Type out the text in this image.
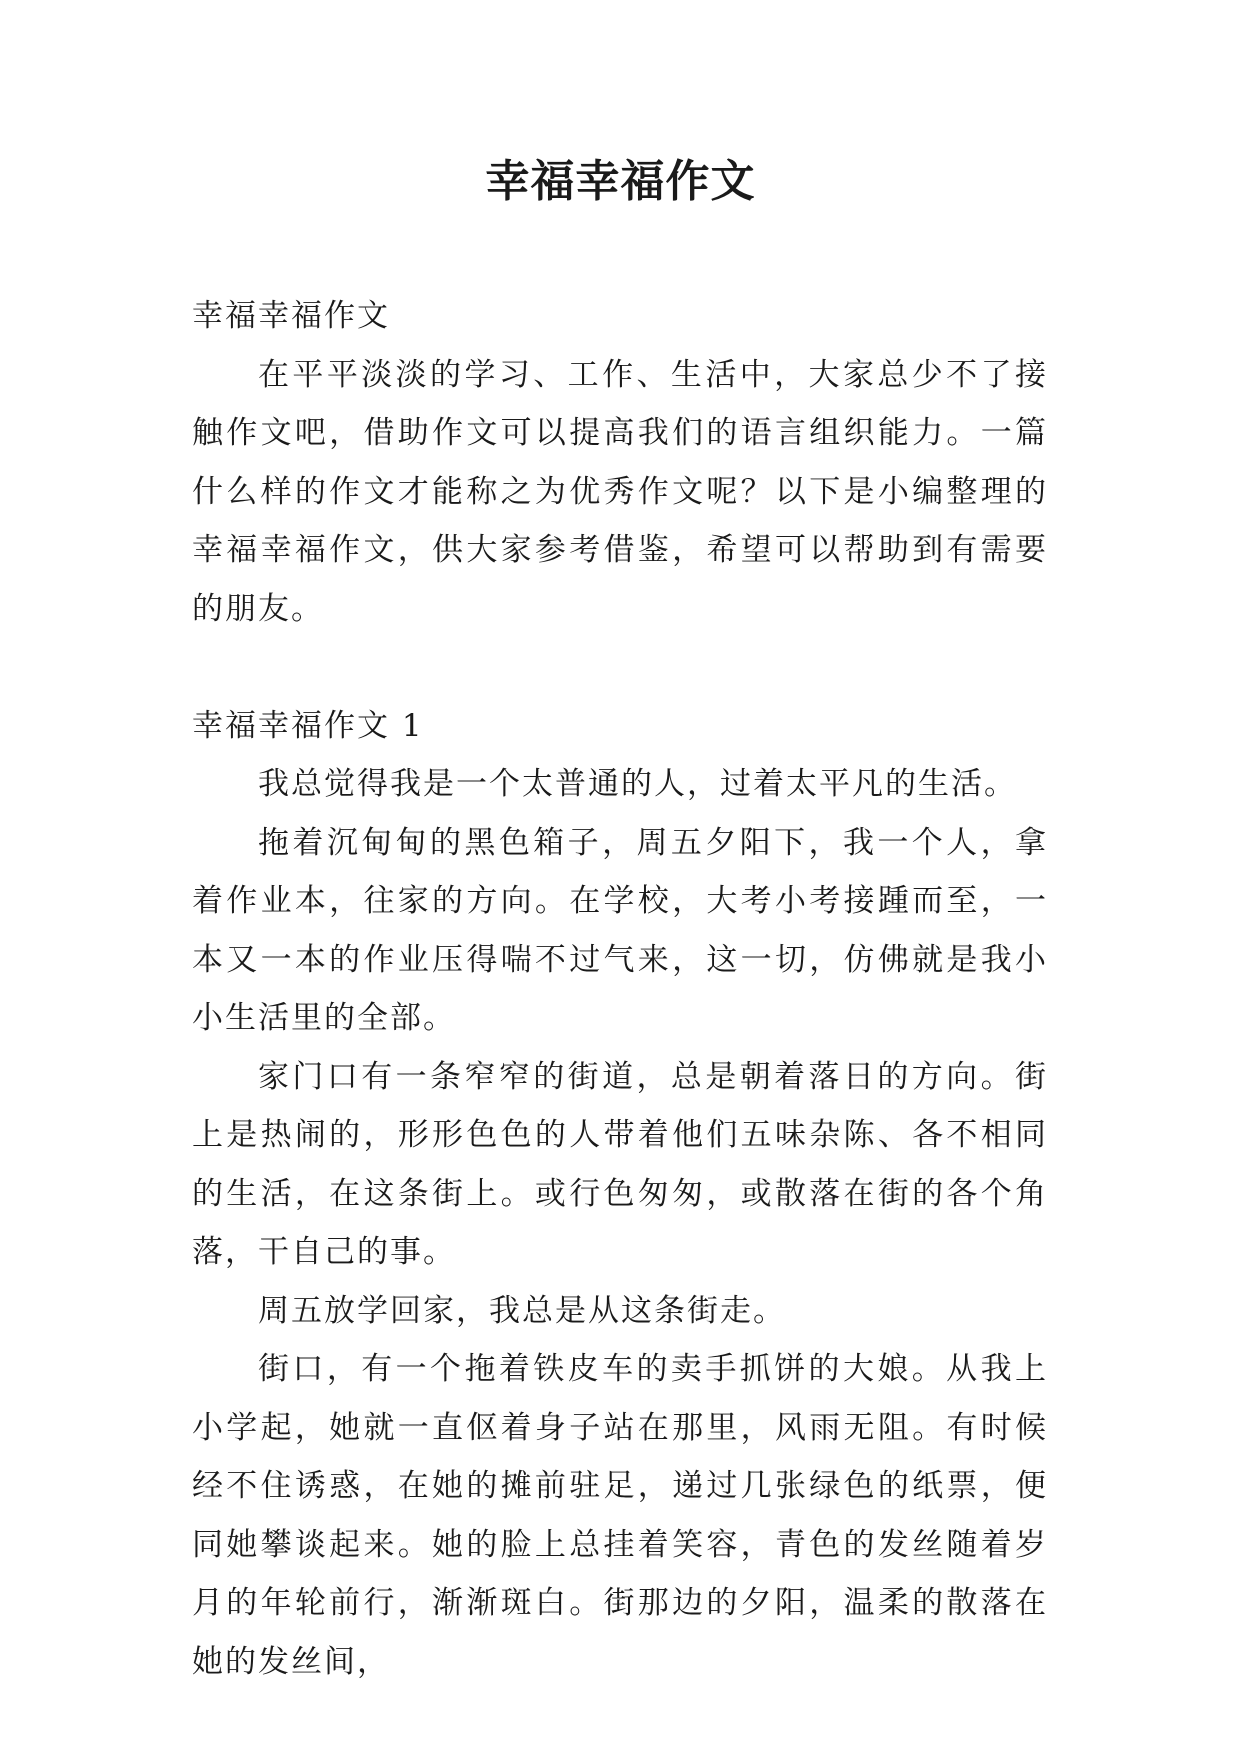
幸福幸福作文

幸福幸福作文

在平平淡淡的学习、工作、生活中，大家总少不了接触作文吧，借助作文可以提高我们的语言组织能力。一篇什么样的作文才能称之为优秀作文呢？以下是小编整理的幸福幸福作文，供大家参考借鉴，希望可以帮助到有需要的朋友。

幸福幸福作文 1

我总觉得我是一个太普通的人，过着太平凡的生活。

拖着沉甸甸的黑色箱子，周五夕阳下，我一个人，拿着作业本，往家的方向。在学校，大考小考接踵而至，一本又一本的作业压得喘不过气来，这一切，仿佛就是我小小生活里的全部。

家门口有一条窄窄的街道，总是朝着落日的方向。街上是热闹的，形形色色的人带着他们五味杂陈、各不相同的生活，在这条街上。或行色匆匆，或散落在街的各个角落，干自己的事。

周五放学回家，我总是从这条街走。

街口，有一个拖着铁皮车的卖手抓饼的大娘。从我上小学起，她就一直伛着身子站在那里，风雨无阻。有时候经不住诱惑，在她的摊前驻足，递过几张绿色的纸票，便同她攀谈起来。她的脸上总挂着笑容，青色的发丝随着岁月的年轮前行，渐渐斑白。街那边的夕阳，温柔的散落在她的发丝间，
